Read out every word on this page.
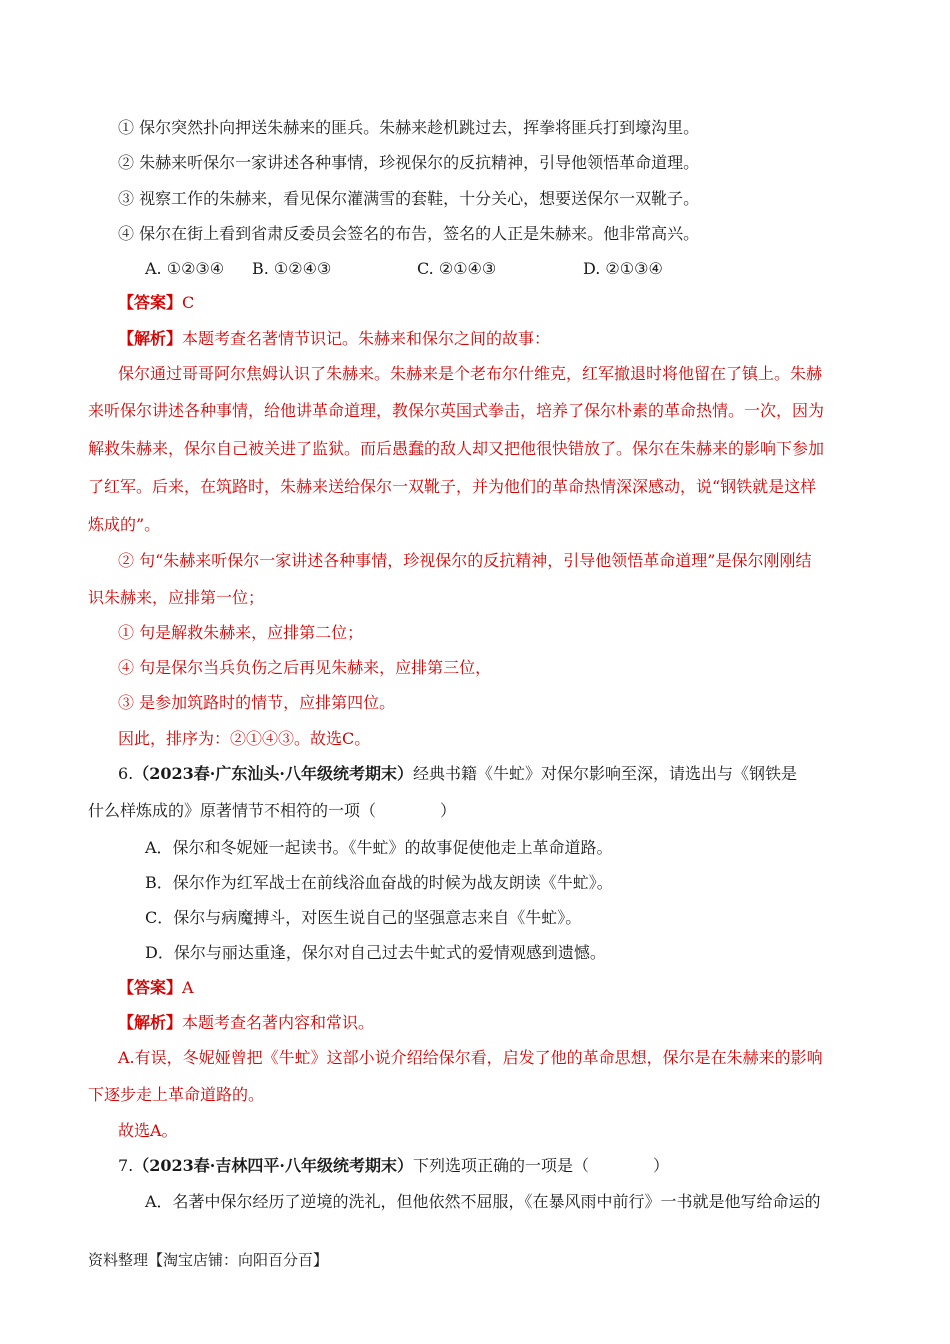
① 保尔突然扑向押送朱赫来的匪兵。朱赫来趁机跳过去，挥拳将匪兵打到壕沟里。
② 朱赫来听保尔一家讲述各种事情，珍视保尔的反抗精神，引导他领悟革命道理。
③ 视察工作的朱赫来，看见保尔灌满雪的套鞋，十分关心，想要送保尔一双靴子。
④ 保尔在街上看到省肃反委员会签名的布告，签名的人正是朱赫来。他非常高兴。
A. ①②③④ B. ①②④③	C. ②①④③	D. ②①③④
【答案】C
【解析】本题考查名著情节识记。朱赫来和保尔之间的故事：
保尔通过哥哥阿尔焦姆认识了朱赫来。朱赫来是个老布尔什维克，红军撤退时将他留在了镇上。朱赫
来听保尔讲述各种事情，给他讲革命道理，教保尔英国式拳击，培养了保尔朴素的革命热情。一次，因为
解救朱赫来，保尔自己被关进了监狱。而后愚蠢的敌人却又把他很快错放了。保尔在朱赫来的影响下参加
了红军。后来，在筑路时，朱赫来送给保尔一双靴子，并为他们的革命热情深深感动，说“钢铁就是这样
炼成的”。
② 句“朱赫来听保尔一家讲述各种事情，珍视保尔的反抗精神，引导他领悟革命道理”是保尔刚刚结
识朱赫来，应排第一位；
① 句是解救朱赫来，应排第二位；
④ 句是保尔当兵负伤之后再见朱赫来，应排第三位，
③ 是参加筑路时的情节，应排第四位。
因此，排序为：②①④③。故选C。
6.（2023春·广东汕头·八年级统考期末）经典书籍《牛虻》对保尔影响至深，请选出与《钢铁是
什么样炼成的》原著情节不相符的一项（　　　　）
A．保尔和冬妮娅一起读书。《牛虻》的故事促使他走上革命道路。
B．保尔作为红军战士在前线浴血奋战的时候为战友朗读《牛虻》。
C．保尔与病魔搏斗，对医生说自己的坚强意志来自《牛虻》。
D．保尔与丽达重逢，保尔对自己过去牛虻式的爱情观感到遗憾。
【答案】A
【解析】本题考查名著内容和常识。
A.有误，冬妮娅曾把《牛虻》这部小说介绍给保尔看，启发了他的革命思想，保尔是在朱赫来的影响
下逐步走上革命道路的。
故选A。
7.（2023春·吉林四平·八年级统考期末）下列选项正确的一项是（　　　　）
A．名著中保尔经历了逆境的洗礼，但他依然不屈服，《在暴风雨中前行》一书就是他写给命运的
资料整理【淘宝店铺：向阳百分百】
